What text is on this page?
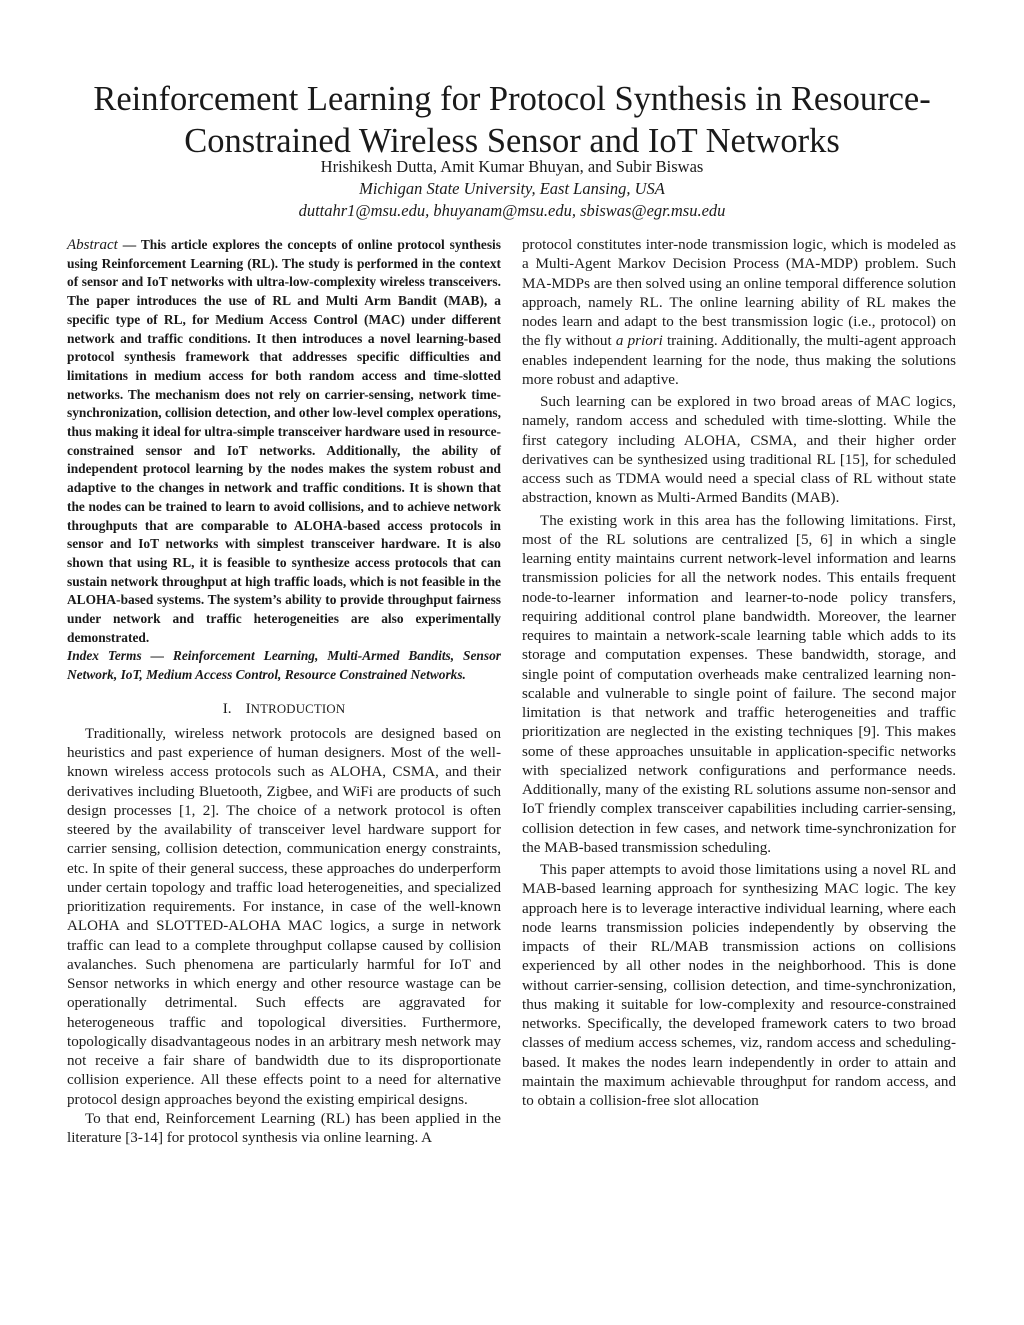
Reinforcement Learning for Protocol Synthesis in Resource-
Constrained Wireless Sensor and IoT Networks
Hrishikesh Dutta, Amit Kumar Bhuyan, and Subir Biswas
Michigan State University, East Lansing, USA
duttahr1@msu.edu, bhuyanam@msu.edu, sbiswas@egr.msu.edu

Abstract — This article explores the concepts of online protocol synthesis using Reinforcement Learning (RL). The study is performed in the context of sensor and IoT networks with ultra-low-complexity wireless transceivers. The paper introduces the use of RL and Multi Arm Bandit (MAB), a specific type of RL, for Medium Access Control (MAC) under different network and traffic conditions. It then introduces a novel learning-based protocol synthesis framework that addresses specific difficulties and limitations in medium access for both random access and time-slotted networks. The mechanism does not rely on carrier-sensing, network time-synchronization, collision detection, and other low-level complex operations, thus making it ideal for ultra-simple transceiver hardware used in resource-constrained sensor and IoT networks. Additionally, the ability of independent protocol learning by the nodes makes the system robust and adaptive to the changes in network and traffic conditions. It is shown that the nodes can be trained to learn to avoid collisions, and to achieve network throughputs that are comparable to ALOHA-based access protocols in sensor and IoT networks with simplest transceiver hardware. It is also shown that using RL, it is feasible to synthesize access protocols that can sustain network throughput at high traffic loads, which is not feasible in the ALOHA-based systems. The system’s ability to provide throughput fairness under network and traffic heterogeneities are also experimentally demonstrated.

Index Terms — Reinforcement Learning, Multi-Armed Bandits, Sensor Network, IoT, Medium Access Control, Resource Constrained Networks.

I. INTRODUCTION

Traditionally, wireless network protocols are designed based on heuristics and past experience of human designers. Most of the well-known wireless access protocols such as ALOHA, CSMA, and their derivatives including Bluetooth, Zigbee, and WiFi are products of such design processes [1, 2]. The choice of a network protocol is often steered by the availability of transceiver level hardware support for carrier sensing, collision detection, communication energy constraints, etc. In spite of their general success, these approaches do underperform under certain topology and traffic load heterogeneities, and specialized prioritization requirements. For instance, in case of the well-known ALOHA and SLOTTED-ALOHA MAC logics, a surge in network traffic can lead to a complete throughput collapse caused by collision avalanches. Such phenomena are particularly harmful for IoT and Sensor networks in which energy and other resource wastage can be operationally detrimental. Such effects are aggravated for heterogeneous traffic and topological diversities. Furthermore, topologically disadvantageous nodes in an arbitrary mesh network may not receive a fair share of bandwidth due to its disproportionate collision experience. All these effects point to a need for alternative protocol design approaches beyond the existing empirical designs.

To that end, Reinforcement Learning (RL) has been applied in the literature [3-14] for protocol synthesis via online learning. A

protocol constitutes inter-node transmission logic, which is modeled as a Multi-Agent Markov Decision Process (MA-MDP) problem. Such MA-MDPs are then solved using an online temporal difference solution approach, namely RL. The online learning ability of RL makes the nodes learn and adapt to the best transmission logic (i.e., protocol) on the fly without a priori training. Additionally, the multi-agent approach enables independent learning for the node, thus making the solutions more robust and adaptive.

Such learning can be explored in two broad areas of MAC logics, namely, random access and scheduled with time-slotting. While the first category including ALOHA, CSMA, and their higher order derivatives can be synthesized using traditional RL [15], for scheduled access such as TDMA would need a special class of RL without state abstraction, known as Multi-Armed Bandits (MAB).

The existing work in this area has the following limitations. First, most of the RL solutions are centralized [5, 6] in which a single learning entity maintains current network-level information and learns transmission policies for all the network nodes. This entails frequent node-to-learner information and learner-to-node policy transfers, requiring additional control plane bandwidth. Moreover, the learner requires to maintain a network-scale learning table which adds to its storage and computation expenses. These bandwidth, storage, and single point of computation overheads make centralized learning non-scalable and vulnerable to single point of failure. The second major limitation is that network and traffic heterogeneities and traffic prioritization are neglected in the existing techniques [9]. This makes some of these approaches unsuitable in application-specific networks with specialized network configurations and performance needs. Additionally, many of the existing RL solutions assume non-sensor and IoT friendly complex transceiver capabilities including carrier-sensing, collision detection in few cases, and network time-synchronization for the MAB-based transmission scheduling.

This paper attempts to avoid those limitations using a novel RL and MAB-based learning approach for synthesizing MAC logic. The key approach here is to leverage interactive individual learning, where each node learns transmission policies independently by observing the impacts of their RL/MAB transmission actions on collisions experienced by all other nodes in the neighborhood. This is done without carrier-sensing, collision detection, and time-synchronization, thus making it suitable for low-complexity and resource-constrained networks. Specifically, the developed framework caters to two broad classes of medium access schemes, viz, random access and scheduling-based. It makes the nodes learn independently in order to attain and maintain the maximum achievable throughput for random access, and to obtain a collision-free slot allocation
